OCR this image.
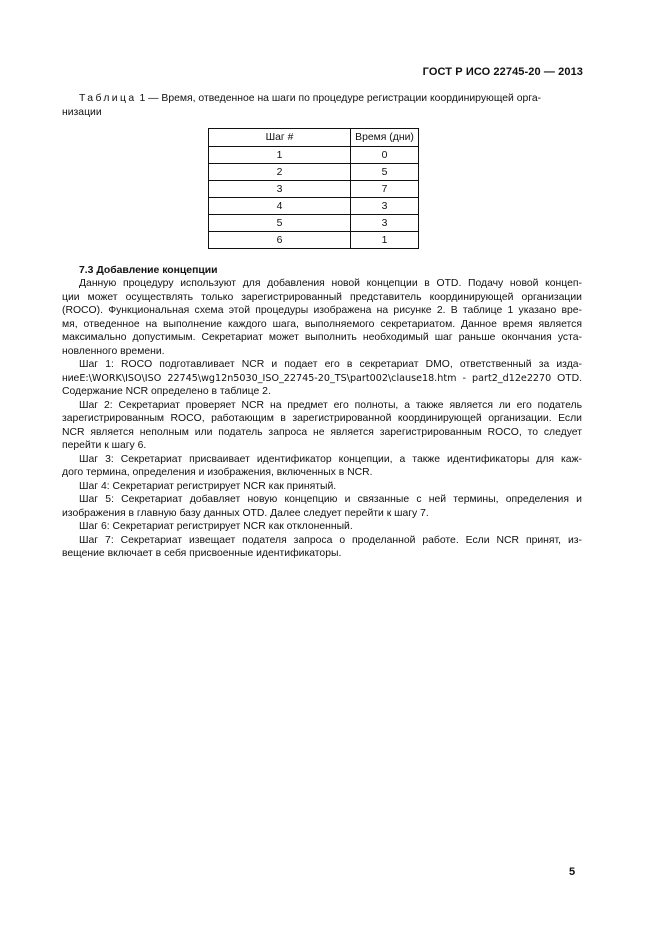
ГОСТ Р ИСО 22745-20 — 2013
Таблица 1 — Время, отведенное на шаги по процедуре регистрации координирующей орга-
низации
Шаг #	Время (дни)
1	0
2	5
3	7
4	3
5	3
6	1
7.3 Добавление концепции

Данную процедуру используют для добавления новой концепции в OTD. Подачу новой концеп-
ции может осуществлять только зарегистрированный представитель координирующей организации
(ROCO). Функциональная схема этой процедуры изображена на рисунке 2. В таблице 1 указано вре-
мя, отведенное на выполнение каждого шага, выполняемого секретариатом. Данное время является
максимально допустимым. Секретариат может выполнить необходимый шаг раньше окончания уста-
новленного времени.

Шаг 1: ROCO подготавливает NCR и подает его в секретариат DMO, ответственный за изда-
ниеE:\WORK\ISO\ISO 22745\wg12n5030_ISO_22745-20_TS\part002\clause18.htm - part2_d12e2270 OTD.
Содержание NCR определено в таблице 2.

Шаг 2: Секретариат проверяет NCR на предмет его полноты, а также является ли его податель
зарегистрированным ROCO, работающим в зарегистрированной координирующей организации. Если
NCR является неполным или податель запроса не является зарегистрированным ROCO, то следует
перейти к шагу 6.

Шаг 3: Секретариат присваивает идентификатор концепции, а также идентификаторы для каж-
дого термина, определения и изображения, включенных в NCR.

Шаг 4: Секретариат регистрирует NCR как принятый.

Шаг 5: Секретариат добавляет новую концепцию и связанные с ней термины, определения и
изображения в главную базу данных OTD. Далее следует перейти к шагу 7.

Шаг 6: Секретариат регистрирует NCR как отклоненный.

Шаг 7: Секретариат извещает подателя запроса о проделанной работе. Если NCR принят, из-
вещение включает в себя присвоенные идентификаторы.

5
